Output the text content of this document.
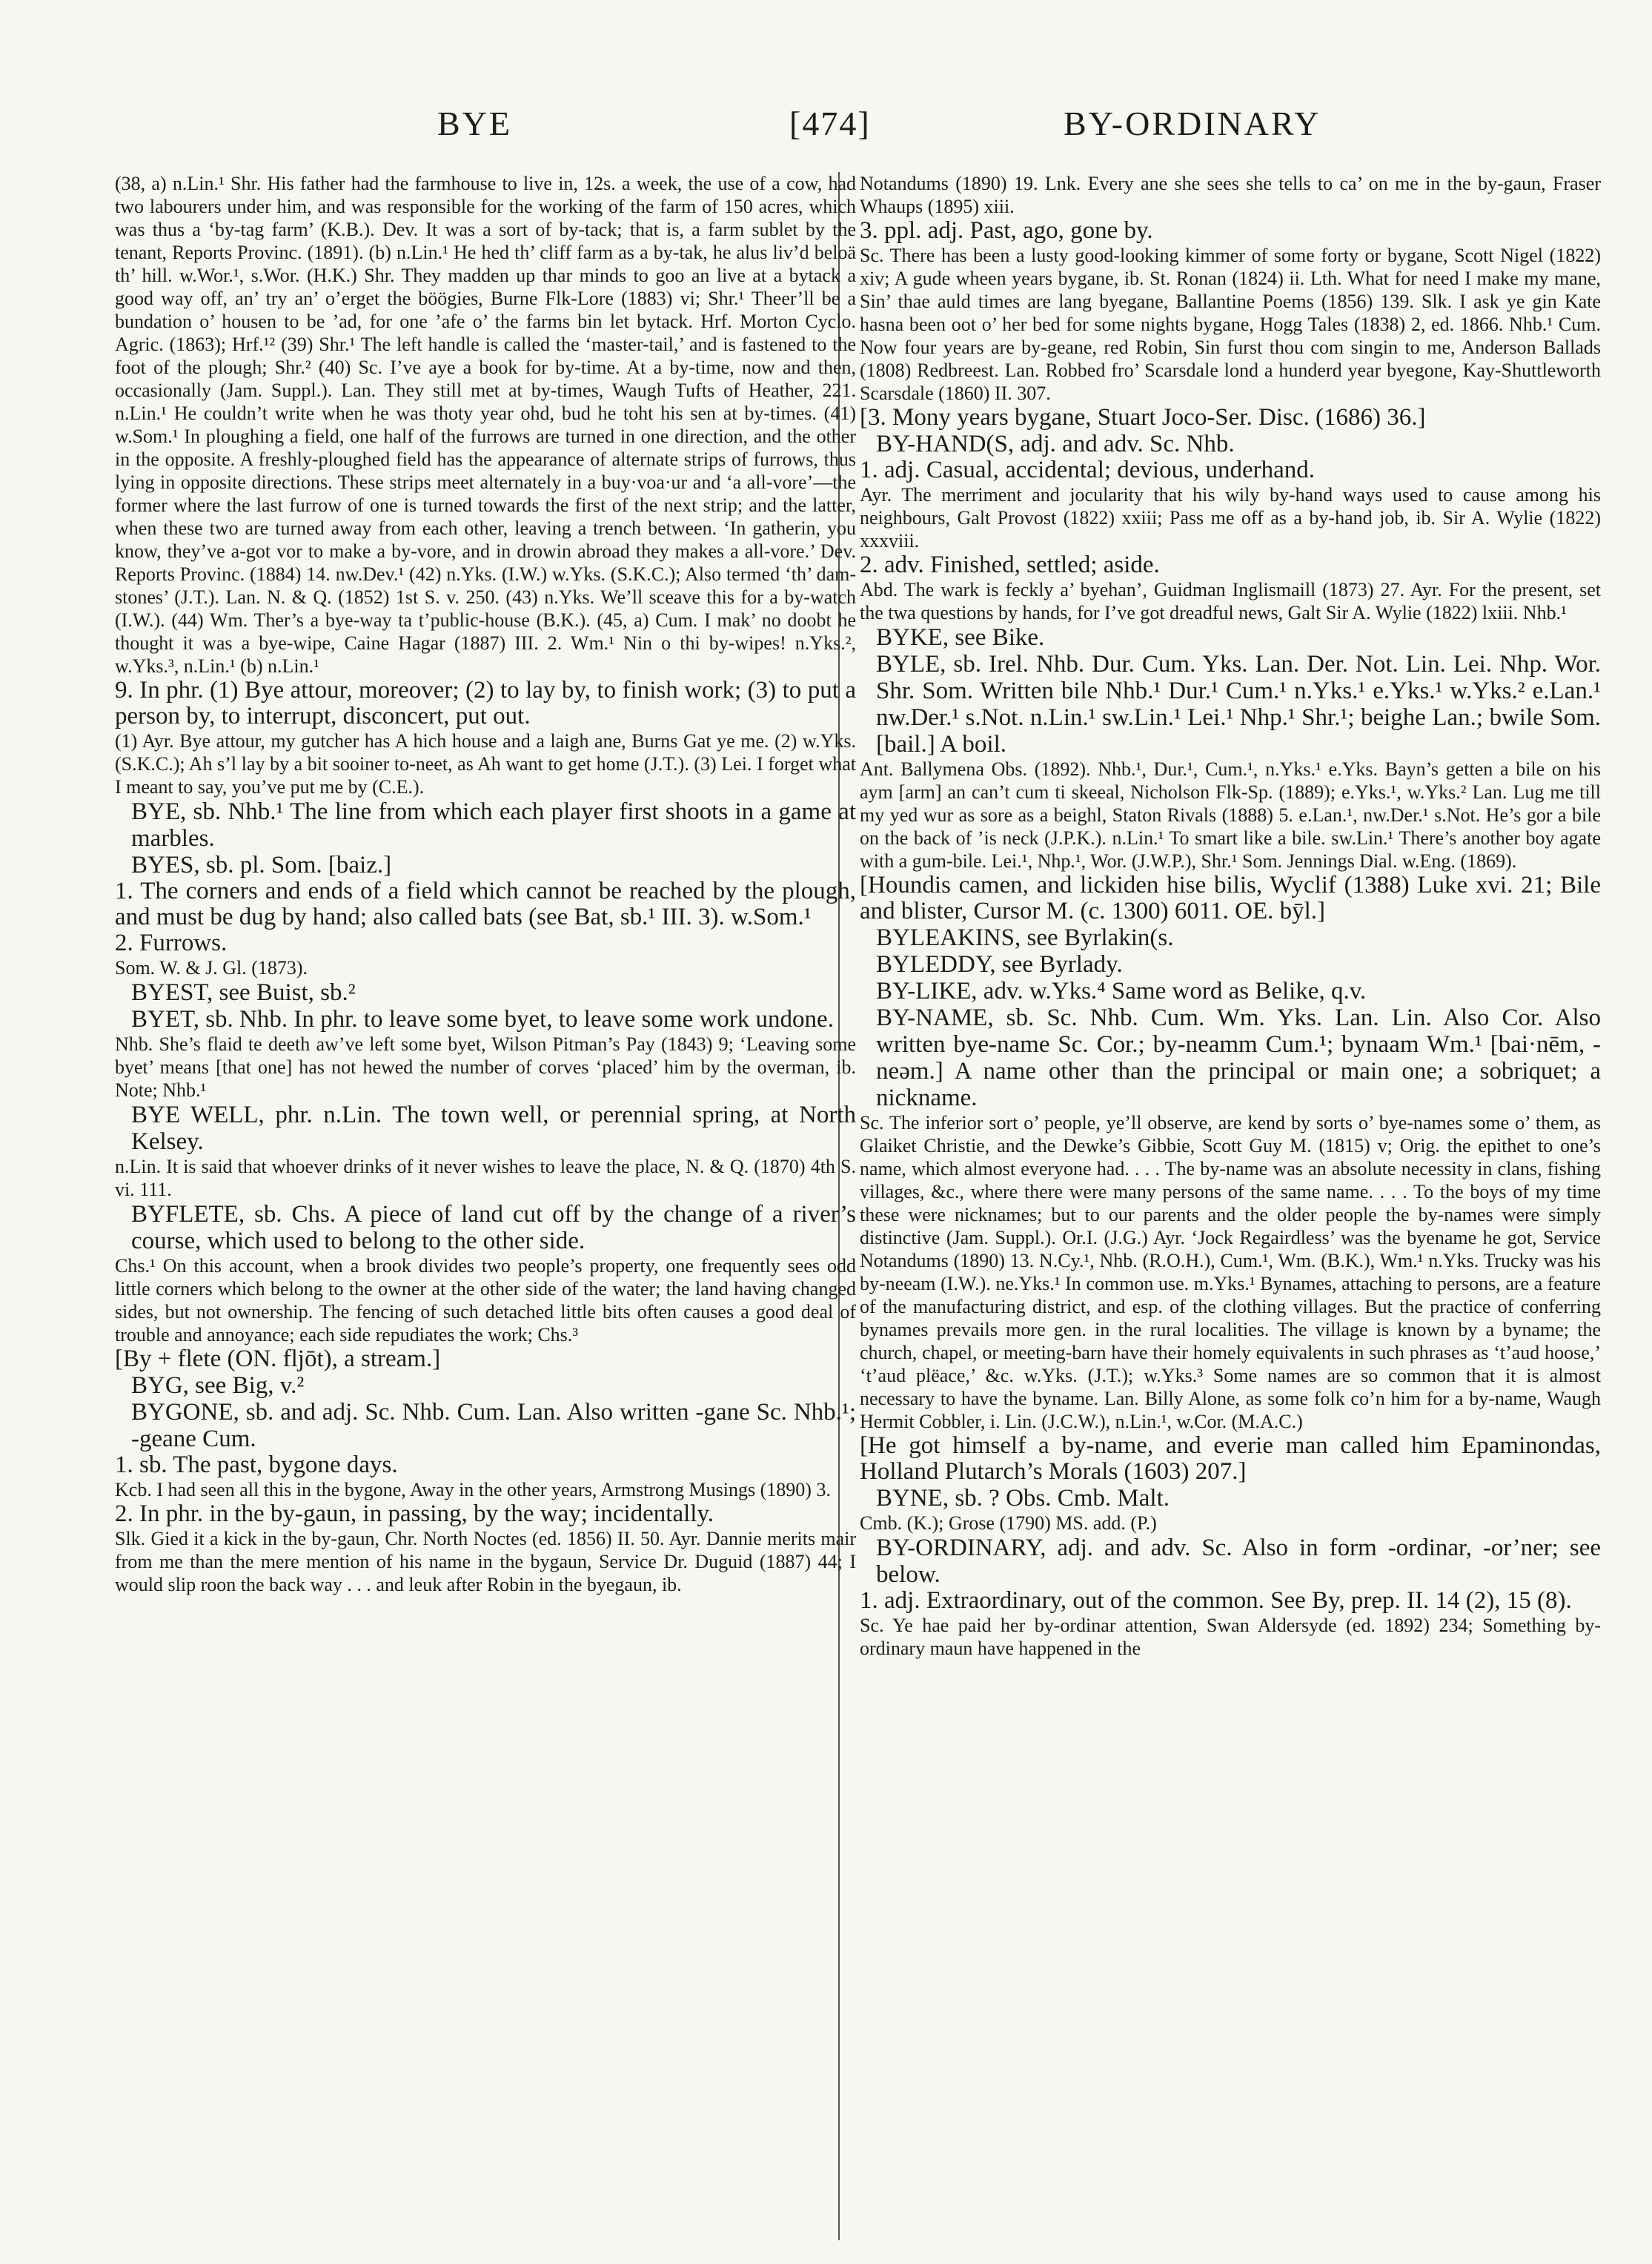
BYE	[474]	BY-ORDINARY

(38, a) n.Lin.¹ Shr. His father had the farmhouse to live in, 12s. a week, the use of a cow, had two labourers under him, and was responsible for the working of the farm of 150 acres, which was thus a ‘by-tag farm’ (K.B.). Dev. It was a sort of by-tack; that is, a farm sublet by the tenant, Reports Provinc. (1891). (b) n.Lin.¹ He hed th’ cliff farm as a by-tak, he alus liv’d beloä th’ hill. w.Wor.¹, s.Wor. (H.K.) Shr. They madden up thar minds to goo an live at a bytack a good way off, an’ try an’ o’erget the böögies, Burne Flk-Lore (1883) vi; Shr.¹ Theer’ll be a bundation o’ housen to be ’ad, for one ’afe o’ the farms bin let bytack. Hrf. Morton Cyclo. Agric. (1863); Hrf.¹² (39) Shr.¹ The left handle is called the ‘master-tail,’ and is fastened to the foot of the plough; Shr.² (40) Sc. I’ve aye a book for by-time. At a by-time, now and then, occasionally (Jam. Suppl.). Lan. They still met at by-times, Waugh Tufts of Heather, 221. n.Lin.¹ He couldn’t write when he was thoty year ohd, bud he toht his sen at by-times. (41) w.Som.¹ In ploughing a field, one half of the furrows are turned in one direction, and the other in the opposite. A freshly-ploughed field has the appearance of alternate strips of furrows, thus lying in opposite directions. These strips meet alternately in a buy·voa·ur and ‘a all-vore’—the former where the last furrow of one is turned towards the first of the next strip; and the latter, when these two are turned away from each other, leaving a trench between. ‘In gatherin, you know, they’ve a-got vor to make a by-vore, and in drowin abroad they makes a all-vore.’ Dev. Reports Provinc. (1884) 14. nw.Dev.¹ (42) n.Yks. (I.W.) w.Yks. (S.K.C.); Also termed ‘th’ dam-stones’ (J.T.). Lan. N. & Q. (1852) 1st S. v. 250. (43) n.Yks. We’ll sceave this for a by-watch (I.W.). (44) Wm. Ther’s a bye-way ta t’public-house (B.K.). (45, a) Cum. I mak’ no doobt he thought it was a bye-wipe, Caine Hagar (1887) III. 2. Wm.¹ Nin o thi by-wipes! n.Yks.², w.Yks.³, n.Lin.¹ (b) n.Lin.¹

9. In phr. (1) Bye attour, moreover; (2) to lay by, to finish work; (3) to put a person by, to interrupt, disconcert, put out.

(1) Ayr. Bye attour, my gutcher has A hich house and a laigh ane, Burns Gat ye me. (2) w.Yks. (S.K.C.); Ah s’l lay by a bit sooiner to-neet, as Ah want to get home (J.T.). (3) Lei. I forget what I meant to say, you’ve put me by (C.E.).

BYE, sb. Nhb.¹ The line from which each player first shoots in a game at marbles.

BYES, sb. pl. Som. [baiz.]

1. The corners and ends of a field which cannot be reached by the plough, and must be dug by hand; also called bats (see Bat, sb.¹ III. 3). w.Som.¹

2. Furrows.

Som. W. & J. Gl. (1873).

BYEST, see Buist, sb.²

BYET, sb. Nhb. In phr. to leave some byet, to leave some work undone.

Nhb. She’s flaid te deeth aw’ve left some byet, Wilson Pitman’s Pay (1843) 9; ‘Leaving some byet’ means [that one] has not hewed the number of corves ‘placed’ him by the overman, ib. Note; Nhb.¹

BYE WELL, phr. n.Lin. The town well, or perennial spring, at North Kelsey.

n.Lin. It is said that whoever drinks of it never wishes to leave the place, N. & Q. (1870) 4th S. vi. 111.

BYFLETE, sb. Chs. A piece of land cut off by the change of a river’s course, which used to belong to the other side.

Chs.¹ On this account, when a brook divides two people’s property, one frequently sees odd little corners which belong to the owner at the other side of the water; the land having changed sides, but not ownership. The fencing of such detached little bits often causes a good deal of trouble and annoyance; each side repudiates the work; Chs.³

[By + flete (ON. fljōt), a stream.]

BYG, see Big, v.²

BYGONE, sb. and adj. Sc. Nhb. Cum. Lan. Also written -gane Sc. Nhb.¹; -geane Cum.

1. sb. The past, bygone days.

Kcb. I had seen all this in the bygone, Away in the other years, Armstrong Musings (1890) 3.

2. In phr. in the by-gaun, in passing, by the way; incidentally.

Slk. Gied it a kick in the by-gaun, Chr. North Noctes (ed. 1856) II. 50. Ayr. Dannie merits mair from me than the mere mention of his name in the bygaun, Service Dr. Duguid (1887) 44; I would slip roon the back way . . . and leuk after Robin in the byegaun, ib.

Notandums (1890) 19. Lnk. Every ane she sees she tells to ca’ on me in the by-gaun, Fraser Whaups (1895) xiii.

3. ppl. adj. Past, ago, gone by.

Sc. There has been a lusty good-looking kimmer of some forty or bygane, Scott Nigel (1822) xiv; A gude wheen years bygane, ib. St. Ronan (1824) ii. Lth. What for need I make my mane, Sin’ thae auld times are lang byegane, Ballantine Poems (1856) 139. Slk. I ask ye gin Kate hasna been oot o’ her bed for some nights bygane, Hogg Tales (1838) 2, ed. 1866. Nhb.¹ Cum. Now four years are by-geane, red Robin, Sin furst thou com singin to me, Anderson Ballads (1808) Redbreest. Lan. Robbed fro’ Scarsdale lond a hunderd year byegone, Kay-Shuttleworth Scarsdale (1860) II. 307.

[3. Mony years bygane, Stuart Joco-Ser. Disc. (1686) 36.]

BY-HAND(S, adj. and adv. Sc. Nhb.

1. adj. Casual, accidental; devious, underhand.

Ayr. The merriment and jocularity that his wily by-hand ways used to cause among his neighbours, Galt Provost (1822) xxiii; Pass me off as a by-hand job, ib. Sir A. Wylie (1822) xxxviii.

2. adv. Finished, settled; aside.

Abd. The wark is feckly a’ byehan’, Guidman Inglismaill (1873) 27. Ayr. For the present, set the twa questions by hands, for I’ve got dreadful news, Galt Sir A. Wylie (1822) lxiii. Nhb.¹

BYKE, see Bike.

BYLE, sb. Irel. Nhb. Dur. Cum. Yks. Lan. Der. Not. Lin. Lei. Nhp. Wor. Shr. Som. Written bile Nhb.¹ Dur.¹ Cum.¹ n.Yks.¹ e.Yks.¹ w.Yks.² e.Lan.¹ nw.Der.¹ s.Not. n.Lin.¹ sw.Lin.¹ Lei.¹ Nhp.¹ Shr.¹; beighe Lan.; bwile Som. [bail.] A boil.

Ant. Ballymena Obs. (1892). Nhb.¹, Dur.¹, Cum.¹, n.Yks.¹ e.Yks. Bayn’s getten a bile on his aym [arm] an can’t cum ti skeeal, Nicholson Flk-Sp. (1889); e.Yks.¹, w.Yks.² Lan. Lug me till my yed wur as sore as a beighl, Staton Rivals (1888) 5. e.Lan.¹, nw.Der.¹ s.Not. He’s gor a bile on the back of ’is neck (J.P.K.). n.Lin.¹ To smart like a bile. sw.Lin.¹ There’s another boy agate with a gum-bile. Lei.¹, Nhp.¹, Wor. (J.W.P.), Shr.¹ Som. Jennings Dial. w.Eng. (1869).

[Houndis camen, and lickiden hise bilis, Wyclif (1388) Luke xvi. 21; Bile and blister, Cursor M. (c. 1300) 6011. OE. bȳl.]

BYLEAKINS, see Byrlakin(s.

BYLEDDY, see Byrlady.

BY-LIKE, adv. w.Yks.⁴ Same word as Belike, q.v.

BY-NAME, sb. Sc. Nhb. Cum. Wm. Yks. Lan. Lin. Also Cor. Also written bye-name Sc. Cor.; by-neamm Cum.¹; bynaam Wm.¹ [bai·nēm, -neəm.] A name other than the principal or main one; a sobriquet; a nickname.

Sc. The inferior sort o’ people, ye’ll observe, are kend by sorts o’ bye-names some o’ them, as Glaiket Christie, and the Dewke’s Gibbie, Scott Guy M. (1815) v; Orig. the epithet to one’s name, which almost everyone had. . . . The by-name was an absolute necessity in clans, fishing villages, &c., where there were many persons of the same name. . . . To the boys of my time these were nicknames; but to our parents and the older people the by-names were simply distinctive (Jam. Suppl.). Or.I. (J.G.) Ayr. ‘Jock Regairdless’ was the byename he got, Service Notandums (1890) 13. N.Cy.¹, Nhb. (R.O.H.), Cum.¹, Wm. (B.K.), Wm.¹ n.Yks. Trucky was his by-neeam (I.W.). ne.Yks.¹ In common use. m.Yks.¹ Bynames, attaching to persons, are a feature of the manufacturing district, and esp. of the clothing villages. But the practice of conferring bynames prevails more gen. in the rural localities. The village is known by a byname; the church, chapel, or meeting-barn have their homely equivalents in such phrases as ‘t’aud hoose,’ ‘t’aud plëace,’ &c. w.Yks. (J.T.); w.Yks.³ Some names are so common that it is almost necessary to have the byname. Lan. Billy Alone, as some folk co’n him for a by-name, Waugh Hermit Cobbler, i. Lin. (J.C.W.), n.Lin.¹, w.Cor. (M.A.C.)

[He got himself a by-name, and everie man called him Epaminondas, Holland Plutarch’s Morals (1603) 207.]

BYNE, sb. ? Obs. Cmb. Malt.

Cmb. (K.); Grose (1790) MS. add. (P.)

BY-ORDINARY, adj. and adv. Sc. Also in form -ordinar, -or’ner; see below.

1. adj. Extraordinary, out of the common. See By, prep. II. 14 (2), 15 (8).

Sc. Ye hae paid her by-ordinar attention, Swan Aldersyde (ed. 1892) 234; Something by-ordinary maun have happened in the
